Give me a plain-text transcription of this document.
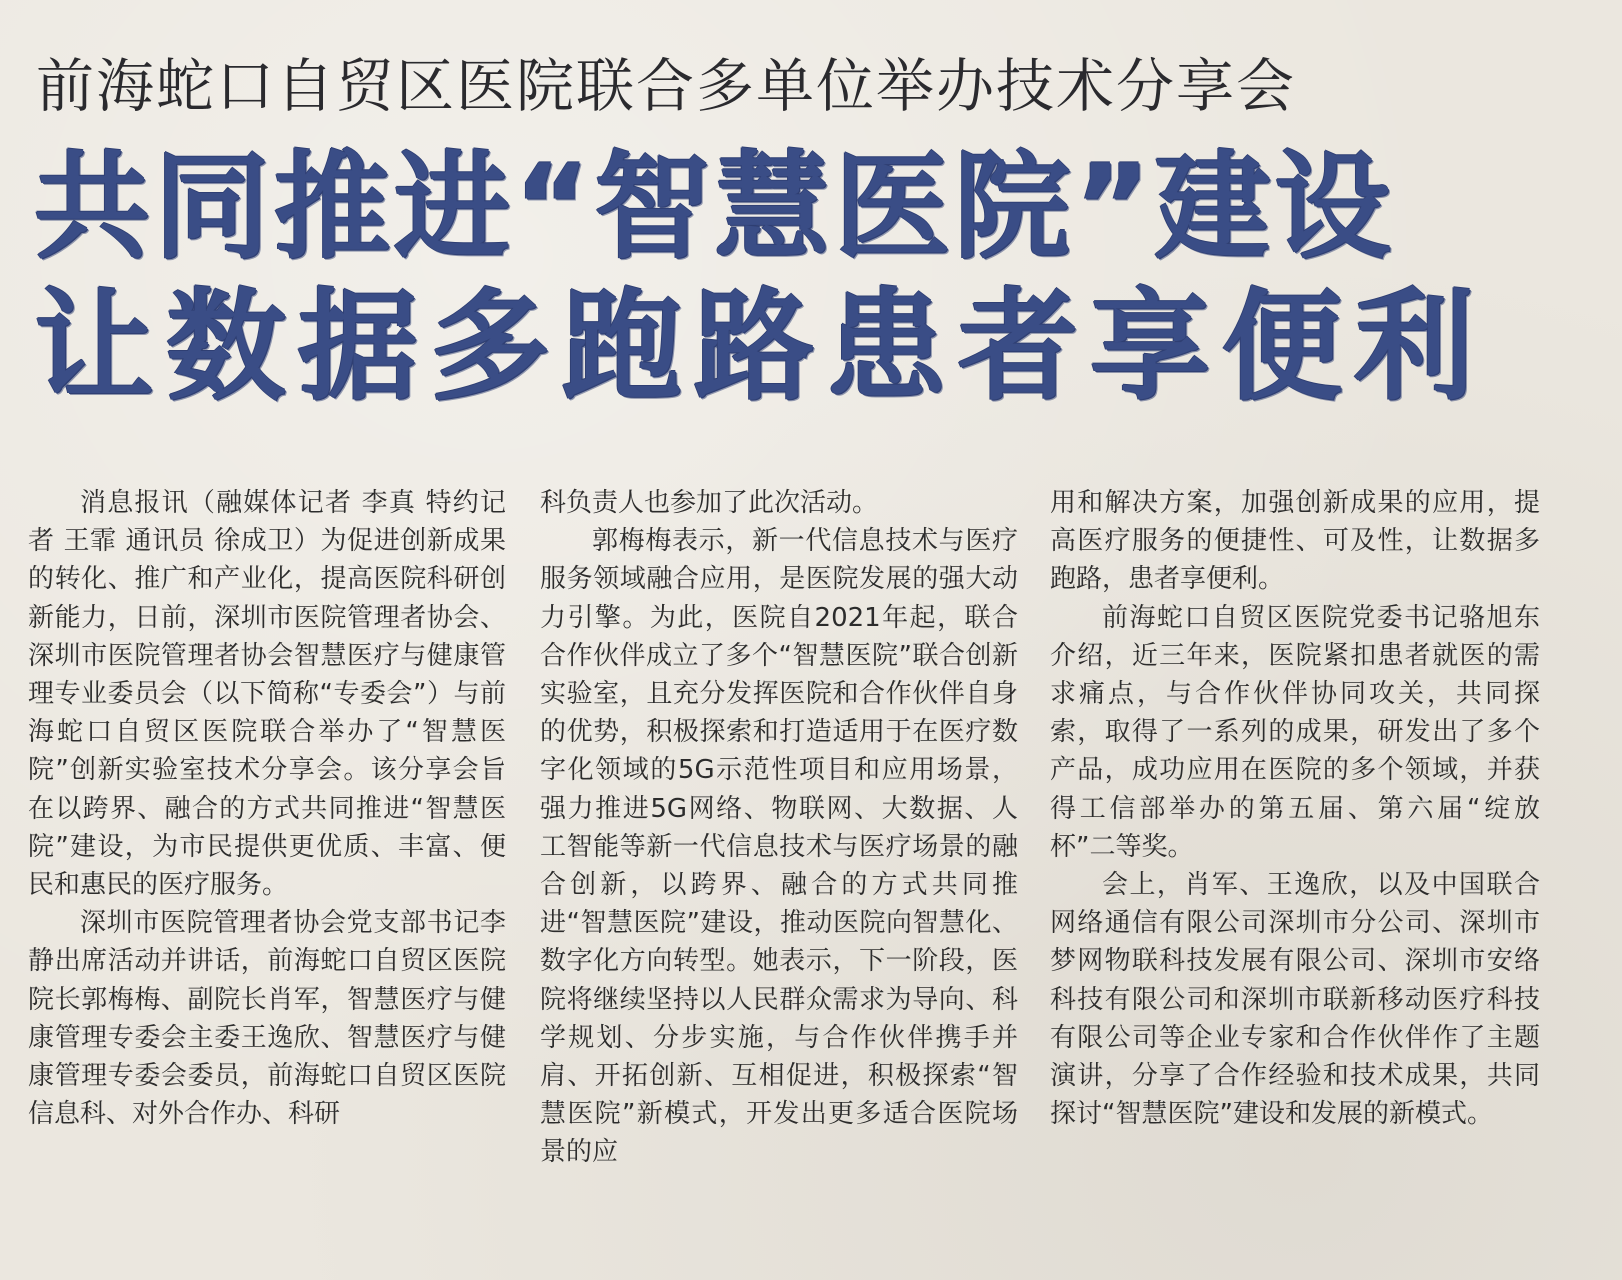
前海蛇口自贸区医院联合多单位举办技术分享会
共同推进“智慧医院”建设
让数据多跑路患者享便利

消息报讯（融媒体记者 李真 特约记者 王霏 通讯员 徐成卫）为促进创新成果的转化、推广和产业化，提高医院科研创新能力，日前，深圳市医院管理者协会、深圳市医院管理者协会智慧医疗与健康管理专业委员会（以下简称“专委会”）与前海蛇口自贸区医院联合举办了“智慧医院”创新实验室技术分享会。该分享会旨在以跨界、融合的方式共同推进“智慧医院”建设，为市民提供更优质、丰富、便民和惠民的医疗服务。

深圳市医院管理者协会党支部书记李静出席活动并讲话，前海蛇口自贸区医院院长郭梅梅、副院长肖军，智慧医疗与健康管理专委会主委王逸欣、智慧医疗与健康管理专委会委员，前海蛇口自贸区医院信息科、对外合作办、科研

科负责人也参加了此次活动。

郭梅梅表示，新一代信息技术与医疗服务领域融合应用，是医院发展的强大动力引擎。为此，医院自2021年起，联合合作伙伴成立了多个“智慧医院”联合创新实验室，且充分发挥医院和合作伙伴自身的优势，积极探索和打造适用于在医疗数字化领域的5G示范性项目和应用场景，强力推进5G网络、物联网、大数据、人工智能等新一代信息技术与医疗场景的融合创新，以跨界、融合的方式共同推进“智慧医院”建设，推动医院向智慧化、数字化方向转型。她表示，下一阶段，医院将继续坚持以人民群众需求为导向、科学规划、分步实施，与合作伙伴携手并肩、开拓创新、互相促进，积极探索“智慧医院”新模式，开发出更多适合医院场景的应

用和解决方案，加强创新成果的应用，提高医疗服务的便捷性、可及性，让数据多跑路，患者享便利。

前海蛇口自贸区医院党委书记骆旭东介绍，近三年来，医院紧扣患者就医的需求痛点，与合作伙伴协同攻关，共同探索，取得了一系列的成果，研发出了多个产品，成功应用在医院的多个领域，并获得工信部举办的第五届、第六届“绽放杯”二等奖。

会上，肖军、王逸欣，以及中国联合网络通信有限公司深圳市分公司、深圳市梦网物联科技发展有限公司、深圳市安络科技有限公司和深圳市联新移动医疗科技有限公司等企业专家和合作伙伴作了主题演讲，分享了合作经验和技术成果，共同探讨“智慧医院”建设和发展的新模式。
